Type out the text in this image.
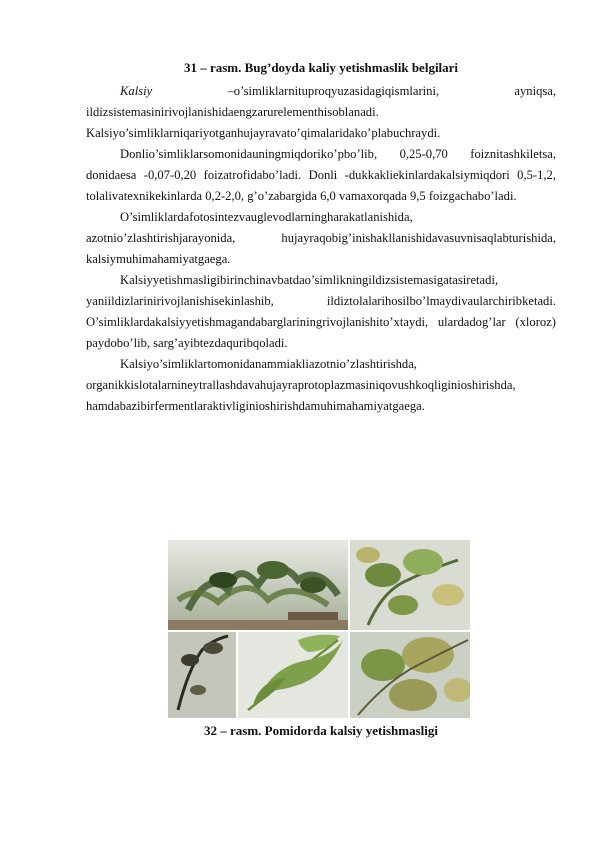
31 – rasm. Bug’doyda kaliy yetishmaslik belgilari

Kalsiy –o’simliklarnituproqyuzasidagiqismlarini, ayniqsa, ildizsistemasinirivojlanishidaengzarurelementhisoblanadi. Kalsiyo’simliklarniqariyotganhujayravato’qimalaridako’plabuchraydi.

Donlio’simliklarsomonidauningmiqdoriko’pbo’lib, 0,25-0,70 foiznitashkiletsa, donidaesa -0,07-0,20 foizatrofidabo’ladi. Donli -dukkakliekinlardakalsiymiqdori 0,5-1,2, tolalivatexnikekinlarda 0,2-2,0, g’o’zabargida 6,0 vamaxorqada 9,5 foizgachabo’ladi.

O’simliklardafotosintezvauglevodlarningharakatlanishida, azotnio’zlashtirishjarayonida, hujayraqobig’inishakllanishidavasuvnisaqlabturishida, kalsiymuhimahamiyatgaega.

Kalsiyyetishmasligibirinchinavbatdao’simlikningildizsistemasigatasiretadi, yaniildizlarinirivojlanishisekinlashib, ildiztolalarihosilbo’lmaydivaularchiribketadi. O’simliklardakalsiyyetishmagandabarglariningrivojlanishito’xtaydi, ulardadog’lar (xloroz) paydobo’lib, sarg’ayibtezdaquribqoladi.

Kalsiyo’simliklartomonidanammiakliazotnio’zlashtirishda, organikkislotalarnineytrallashdavahujayraprotoplazmasiniqovushkoqliginioshirishda, hamdabazibirfermentlaraktivliginioshirishdamuhimahamiyatgaega.

32 – rasm. Pomidorda kalsiy yetishmasligi
